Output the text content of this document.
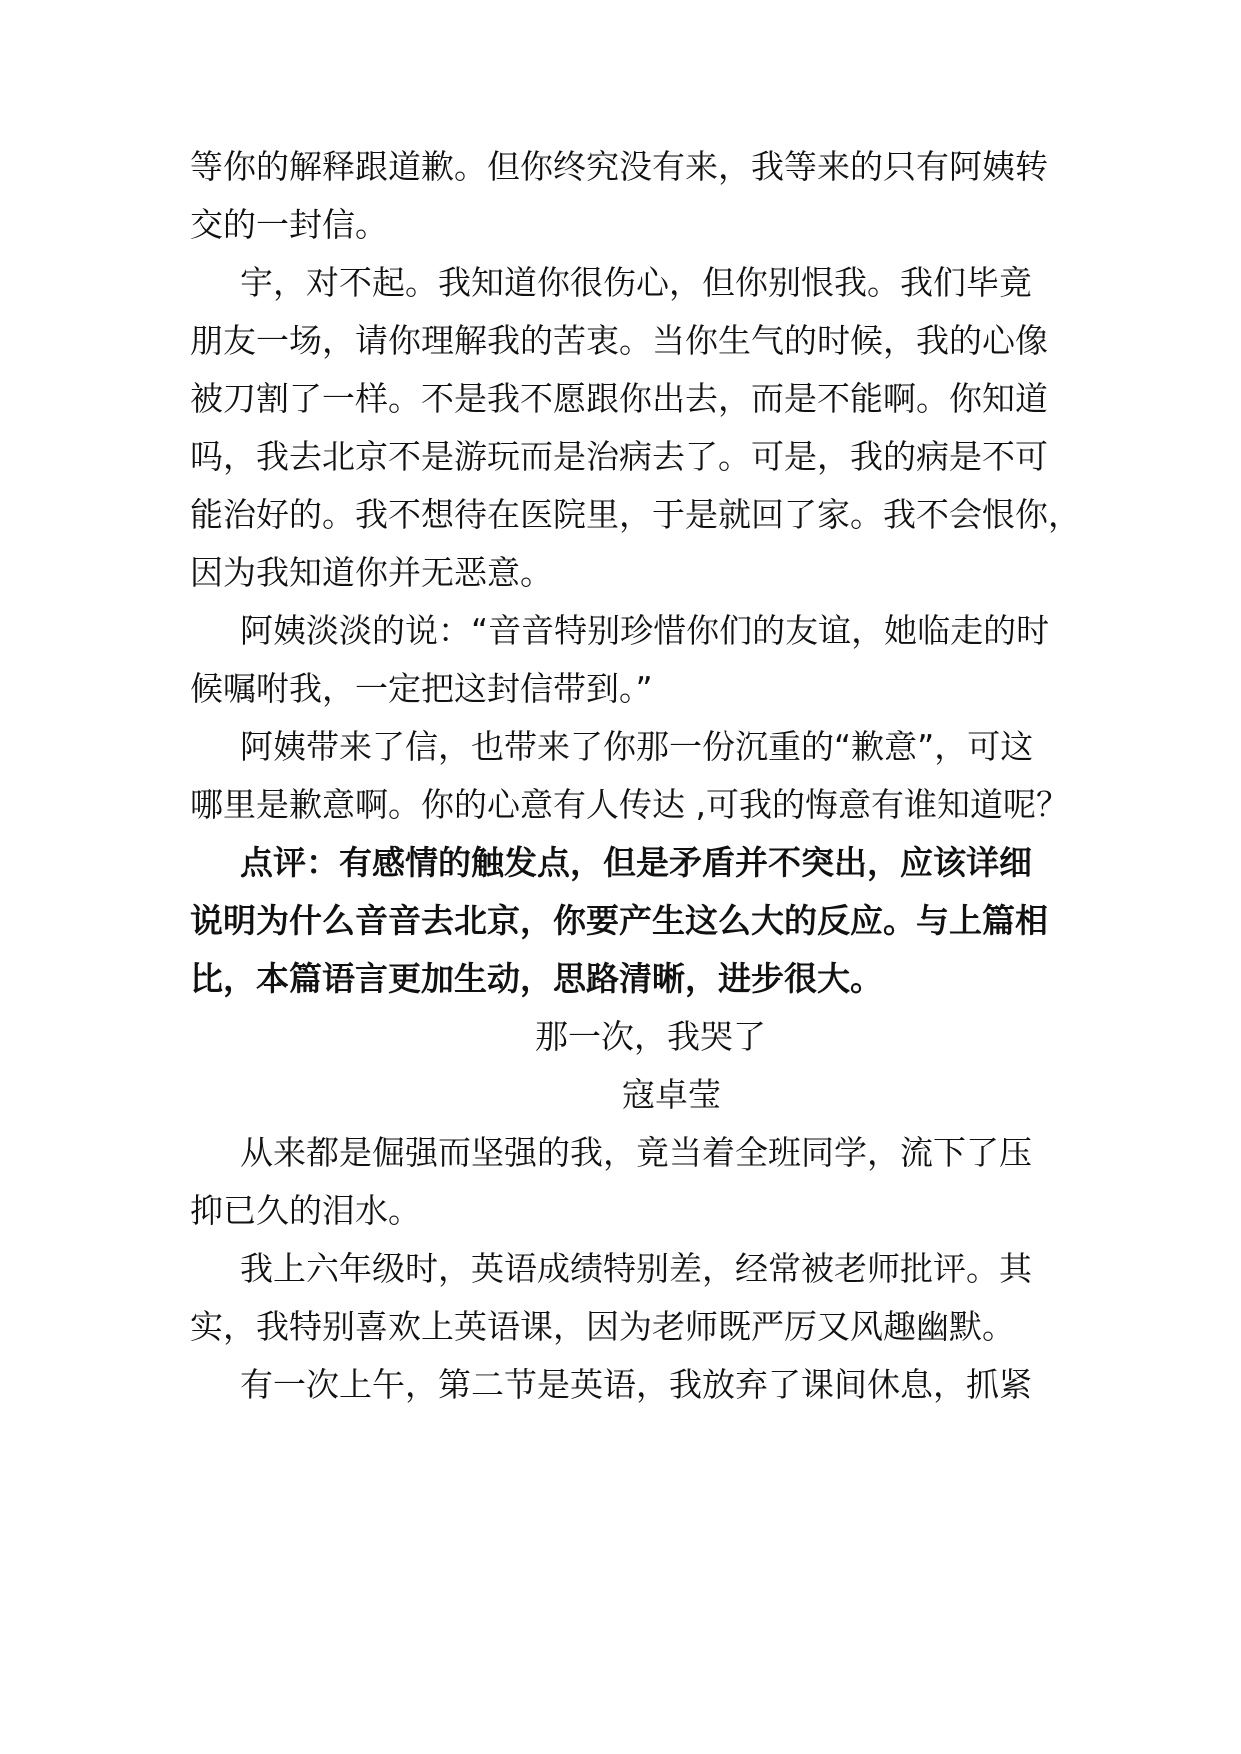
等你的解释跟道歉。但你终究没有来，我等来的只有阿姨转
交的一封信。
宇，对不起。我知道你很伤心，但你别恨我。我们毕竟
朋友一场，请你理解我的苦衷。当你生气的时候，我的心像
被刀割了一样。不是我不愿跟你出去，而是不能啊。你知道
吗，我去北京不是游玩而是治病去了。可是，我的病是不可
能治好的。我不想待在医院里，于是就回了家。我不会恨你，
因为我知道你并无恶意。
阿姨淡淡的说：“音音特别珍惜你们的友谊，她临走的时
候嘱咐我，一定把这封信带到。”
阿姨带来了信，也带来了你那一份沉重的“歉意”，可这
哪里是歉意啊。你的心意有人传达 ,可我的悔意有谁知道呢？
点评：有感情的触发点，但是矛盾并不突出，应该详细
说明为什么音音去北京，你要产生这么大的反应。与上篇相
比，本篇语言更加生动，思路清晰，进步很大。
那一次，我哭了
寇卓莹
从来都是倔强而坚强的我，竟当着全班同学，流下了压
抑已久的泪水。
我上六年级时，英语成绩特别差，经常被老师批评。其
实，我特别喜欢上英语课，因为老师既严厉又风趣幽默。
有一次上午，第二节是英语，我放弃了课间休息，抓紧
